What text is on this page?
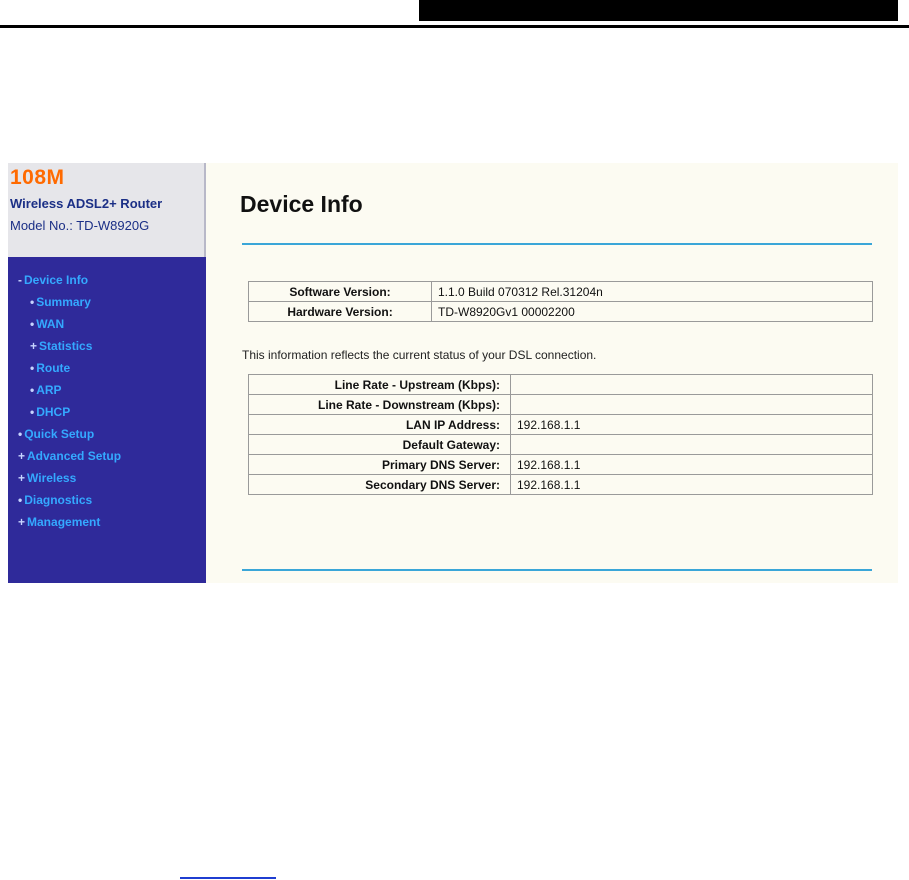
108M
Wireless ADSL2+ Router
Model No.: TD-W8920G
- Device Info
• Summary
• WAN
+ Statistics
• Route
• ARP
• DHCP
• Quick Setup
+ Advanced Setup
+ Wireless
• Diagnostics
+ Management
Device Info
Software Version:	1.1.0 Build 070312 Rel.31204n
Hardware Version:	TD-W8920Gv1 00002200
This information reflects the current status of your DSL connection.
Line Rate - Upstream (Kbps):	
Line Rate - Downstream (Kbps):	
LAN IP Address:	192.168.1.1
Default Gateway:	
Primary DNS Server:	192.168.1.1
Secondary DNS Server:	192.168.1.1
